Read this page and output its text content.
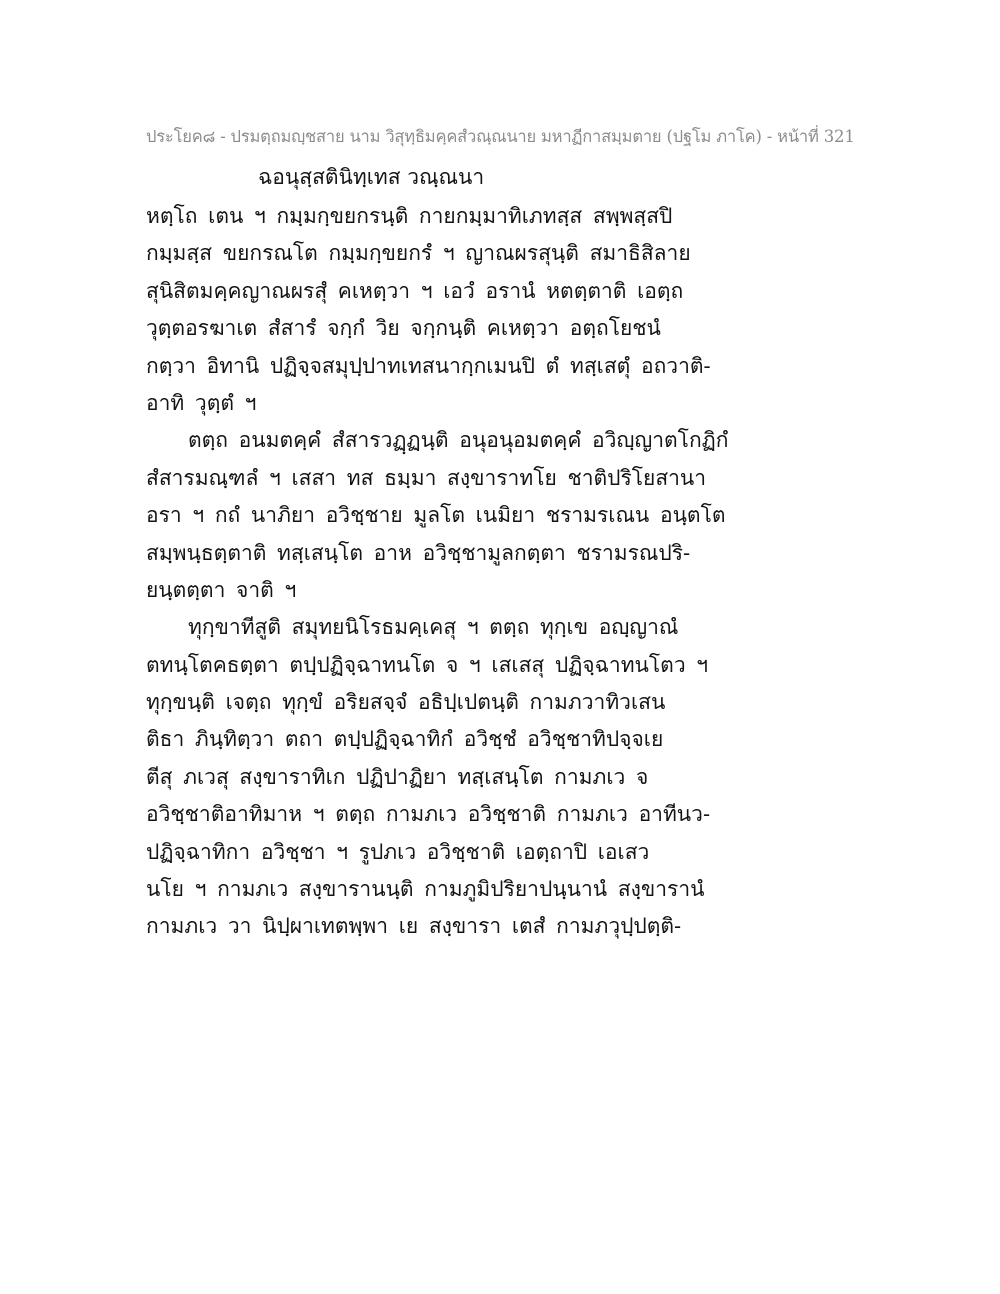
ประโยค๘ - ปรมตฺถมญฺชสาย นาม วิสุทฺธิมคฺคสํวณฺณนาย มหาฏีกาสมฺมตาย (ปฐโม ภาโค) - หน้าที่ 321
ฉอนุสฺสตินิทฺเทส วณฺณนา
หตฺโถ เตน ฯ กมฺมกฺขยกรนฺติ กายกมฺมาทิเภทสฺส สพฺพสฺสปิ
กมฺมสฺส ขยกรณโต กมฺมกฺขยกรํ ฯ ญาณผรสุนฺติ สมาธิสิลาย
สุนิสิตมคฺคญาณผรสุํ คเหตฺวา ฯ เอวํ อรานํ หตตฺตาติ เอตฺถ
วุตฺตอรฆาเต สํสารํ จกฺกํ วิย จกฺกนฺติ คเหตฺวา อตฺถโยชนํ
กตฺวา อิทานิ ปฏิจฺจสมุปฺปาทเทสนากฺกเมนปิ ตํ ทสฺเสตุํ อถวาติ-
อาทิ วุตฺตํ ฯ
ตตฺถ อนมตคฺคํ สํสารวฏฺฏนฺติ อนุอนุอมตคฺคํ อวิญฺญาตโกฏิกํ
สํสารมณฺฑลํ ฯ เสสา ทส ธมฺมา สงฺขาราทโย ชาติปริโยสานา
อรา ฯ กถํ นาภิยา อวิชฺชาย มูลโต เนมิยา ชรามรเณน อนฺตโต
สมฺพนฺธตฺตาติ ทสฺเสนฺโต อาห อวิชฺชามูลกตฺตา ชรามรณปริ-
ยนฺตตฺตา จาติ ฯ
ทุกฺขาทีสูติ สมุทยนิโรธมคฺเคสุ ฯ ตตฺถ ทุกฺเข อญฺญาณํ
ตทนฺโตคธตฺตา ตปฺปฏิจฺฉาทนโต จ ฯ เสเสสุ ปฏิจฺฉาทนโตว ฯ
ทุกฺขนฺติ เจตฺถ ทุกฺขํ อริยสจฺจํ อธิปฺเปตนฺติ กามภวาทิวเสน
ติธา ภินฺทิตฺวา ตถา ตปฺปฏิจฺฉาทิกํ อวิชฺชํ อวิชฺชาทิปจฺจเย
ตีสุ ภเวสุ สงฺขาราทิเก ปฏิปาฏิยา ทสฺเสนฺโต กามภเว จ
อวิชฺชาติอาทิมาห ฯ ตตฺถ กามภเว อวิชฺชาติ กามภเว อาทีนว-
ปฏิจฺฉาทิกา อวิชฺชา ฯ รูปภเว อวิชฺชาติ เอตฺถาปิ เอเสว
นโย ฯ กามภเว สงฺขารานนฺติ กามภูมิปริยาปนฺนานํ สงฺขารานํ
กามภเว วา นิปฺผาเทตพฺพา เย สงฺขารา เตสํ กามภวุปฺปตฺติ-
